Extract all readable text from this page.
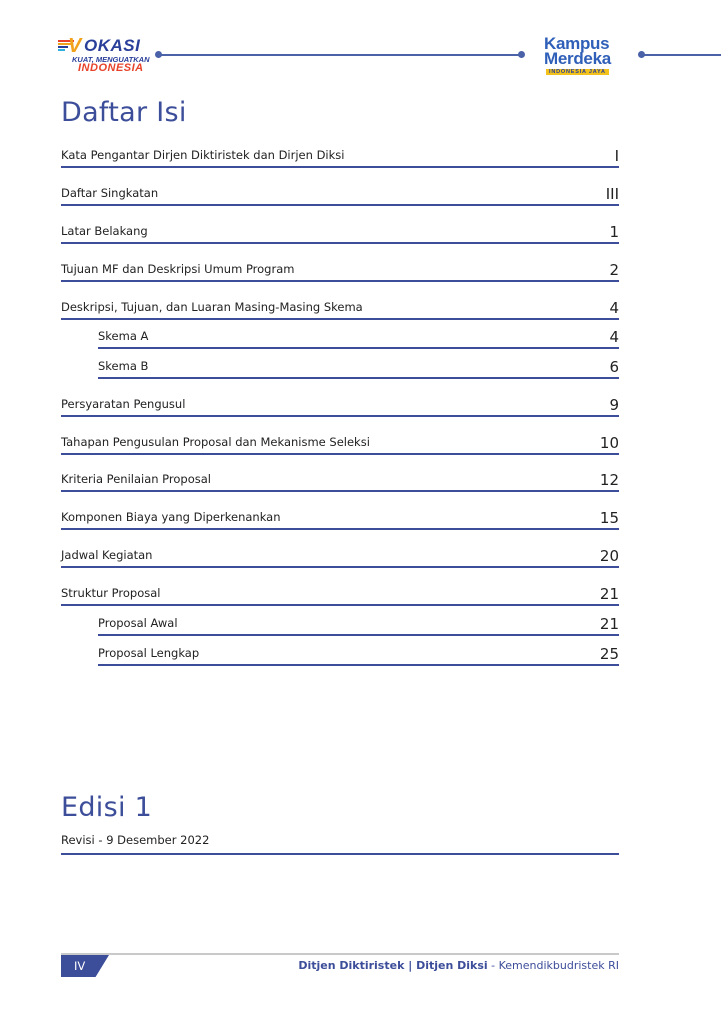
V OKASI
KUAT, MENGUATKAN
INDONESIA
Kampus
Merdeka
INDONESIA JAYA
Daftar Isi
Kata Pengantar Dirjen Diktiristek dan Dirjen Diksi	I
Daftar Singkatan	III
Latar Belakang	1
Tujuan MF dan Deskripsi Umum Program	2
Deskripsi, Tujuan, dan Luaran Masing-Masing Skema	4
Skema A	4
Skema B	6
Persyaratan Pengusul	9
Tahapan Pengusulan Proposal dan Mekanisme Seleksi	10
Kriteria Penilaian Proposal	12
Komponen Biaya yang Diperkenankan	15
Jadwal Kegiatan	20
Struktur Proposal	21
Proposal Awal	21
Proposal Lengkap	25
Edisi 1
Revisi - 9 Desember 2022
IV	Ditjen Diktiristek | Ditjen Diksi - Kemendikbudristek RI
